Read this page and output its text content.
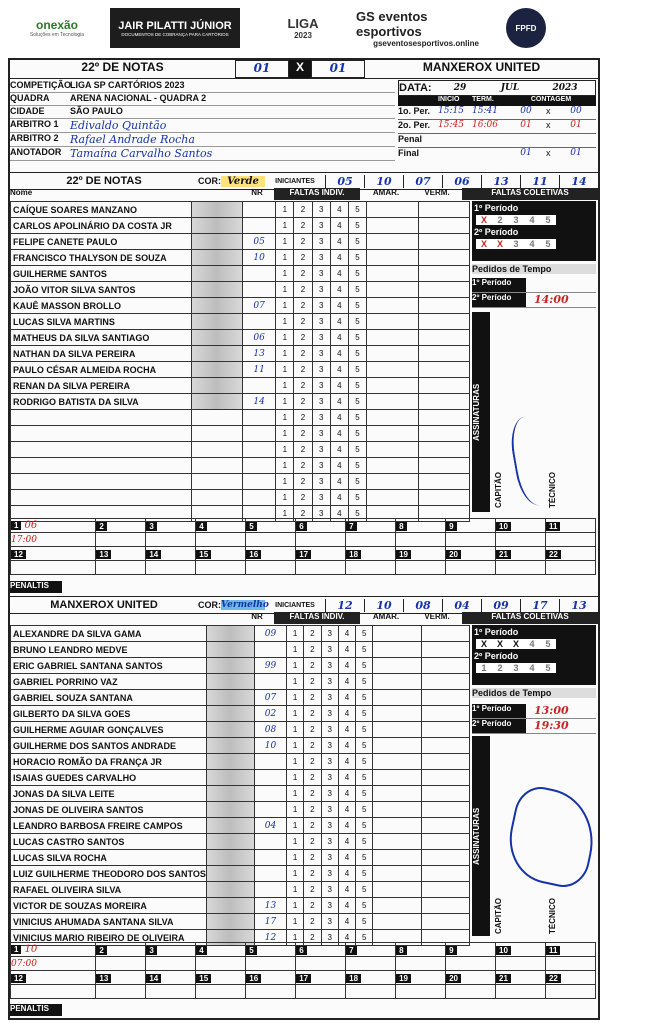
onexão
Soluções em Tecnologia
JAIR PILATTI JÚNIOR
DOCUMENTOS DE COBRANÇA PARA CARTÓRIOS
LIGA
2023
GS eventos esportivos
gseventosesportivos.online
FPFD
22º DE NOTAS	01	X	01	MANXEROX UNITED
COMPETIÇÃO
LIGA SP CARTÓRIOS 2023
QUADRA	ARENA NACIONAL - QUADRA 2
CIDADE	SÃO PAULO
ARBITRO 1	Edivaldo Quintão
ARBITRO 2	Rafael Andrade Rocha
ANOTADOR Tamaína Carvalho Santos
DATA:	29	JUL	2023
INICIO	TERM.	CONTAGEM
1o. Per. 15:15 15:41	00	x	00
2o. Per. 15:45 16:06	01	x	01
Penal
Final	01	x	01
22º DE NOTAS	COR: Verde	INICIANTES	05	10	07	06	13	11	14
Nome	NR	FALTAS INDIV.	AMAR.	VERM.	FALTAS COLETIVAS
CAÍQUE SOARES MANZANO			1	2	3	4	5		
CARLOS APOLINÁRIO DA COSTA JR			1	2	3	4	5		
FELIPE CANETE PAULO		05	1	2	3	4	5		
FRANCISCO THALYSON DE SOUZA		10	1	2	3	4	5		
GUILHERME SANTOS			1	2	3	4	5		
JOÃO VITOR SILVA SANTOS			1	2	3	4	5		
KAUÊ MASSON BROLLO		07	1	2	3	4	5		
LUCAS SILVA MARTINS			1	2	3	4	5		
MATHEUS DA SILVA SANTIAGO		06	1	2	3	4	5		
NATHAN DA SILVA PEREIRA		13	1	2	3	4	5		
PAULO CÉSAR ALMEIDA ROCHA		11	1	2	3	4	5		
RENAN DA SILVA PEREIRA			1	2	3	4	5		
RODRIGO BATISTA DA SILVA		14	1	2	3	4	5		
			1	2	3	4	5		
			1	2	3	4	5		
			1	2	3	4	5		
			1	2	3	4	5		
			1	2	3	4	5		
			1	2	3	4	5		
			1	2	3	4	5		
1º Período
X	2	3	4	5
2º Período
X	X	3	4	5
Pedidos de Tempo
1º Período
2º Período	14:00
ASSINATURAS
CAPITÃO	TÉCNICO
1 06	2	3	4	5	6	7	8	9	10	11
17:00										
12	13	14	15	16	17	18	19	20	21	22

PENALTIS
MANXEROX UNITED	COR: Vermelho INICIANTES	12	10	08	04	09	17	13
NR	FALTAS INDIV.	AMAR.	VERM.	FALTAS COLETIVAS
ALEXANDRE DA SILVA GAMA		09	1	2	3	4	5		
BRUNO LEANDRO MEDVE			1	2	3	4	5		
ERIC GABRIEL SANTANA SANTOS		99	1	2	3	4	5		
GABRIEL PORRINO VAZ			1	2	3	4	5		
GABRIEL SOUZA SANTANA		07	1	2	3	4	5		
GILBERTO DA SILVA GOES		02	1	2	3	4	5		
GUILHERME AGUIAR GONÇALVES		08	1	2	3	4	5		
GUILHERME DOS SANTOS ANDRADE		10	1	2	3	4	5		
HORACIO ROMÃO DA FRANÇA JR			1	2	3	4	5		
ISAIAS GUEDES CARVALHO			1	2	3	4	5		
JONAS DA SILVA LEITE			1	2	3	4	5		
JONAS DE OLIVEIRA SANTOS			1	2	3	4	5		
LEANDRO BARBOSA FREIRE CAMPOS		04	1	2	3	4	5		
LUCAS CASTRO SANTOS			1	2	3	4	5		
LUCAS SILVA ROCHA			1	2	3	4	5		
LUIZ GUILHERME THEODORO DOS SANTOS			1	2	3	4	5		
RAFAEL OLIVEIRA SILVA			1	2	3	4	5		
VICTOR DE SOUZAS MOREIRA		13	1	2	3	4	5		
VINICIUS AHUMADA SANTANA SILVA		17	1	2	3	4	5		
VINICIUS MARIO RIBEIRO DE OLIVEIRA		12	1	2	3	4	5		
1º Período
X	X	X	4	5
2º Período
1	2	3	4	5
Pedidos de Tempo
1º Período	13:00
2º Período	19:30
ASSINATURAS
CAPITÃO	TÉCNICO
1 10	2	3	4	5	6	7	8	9	10	11
07:00										
12	13	14	15	16	17	18	19	20	21	22

PENALTIS
